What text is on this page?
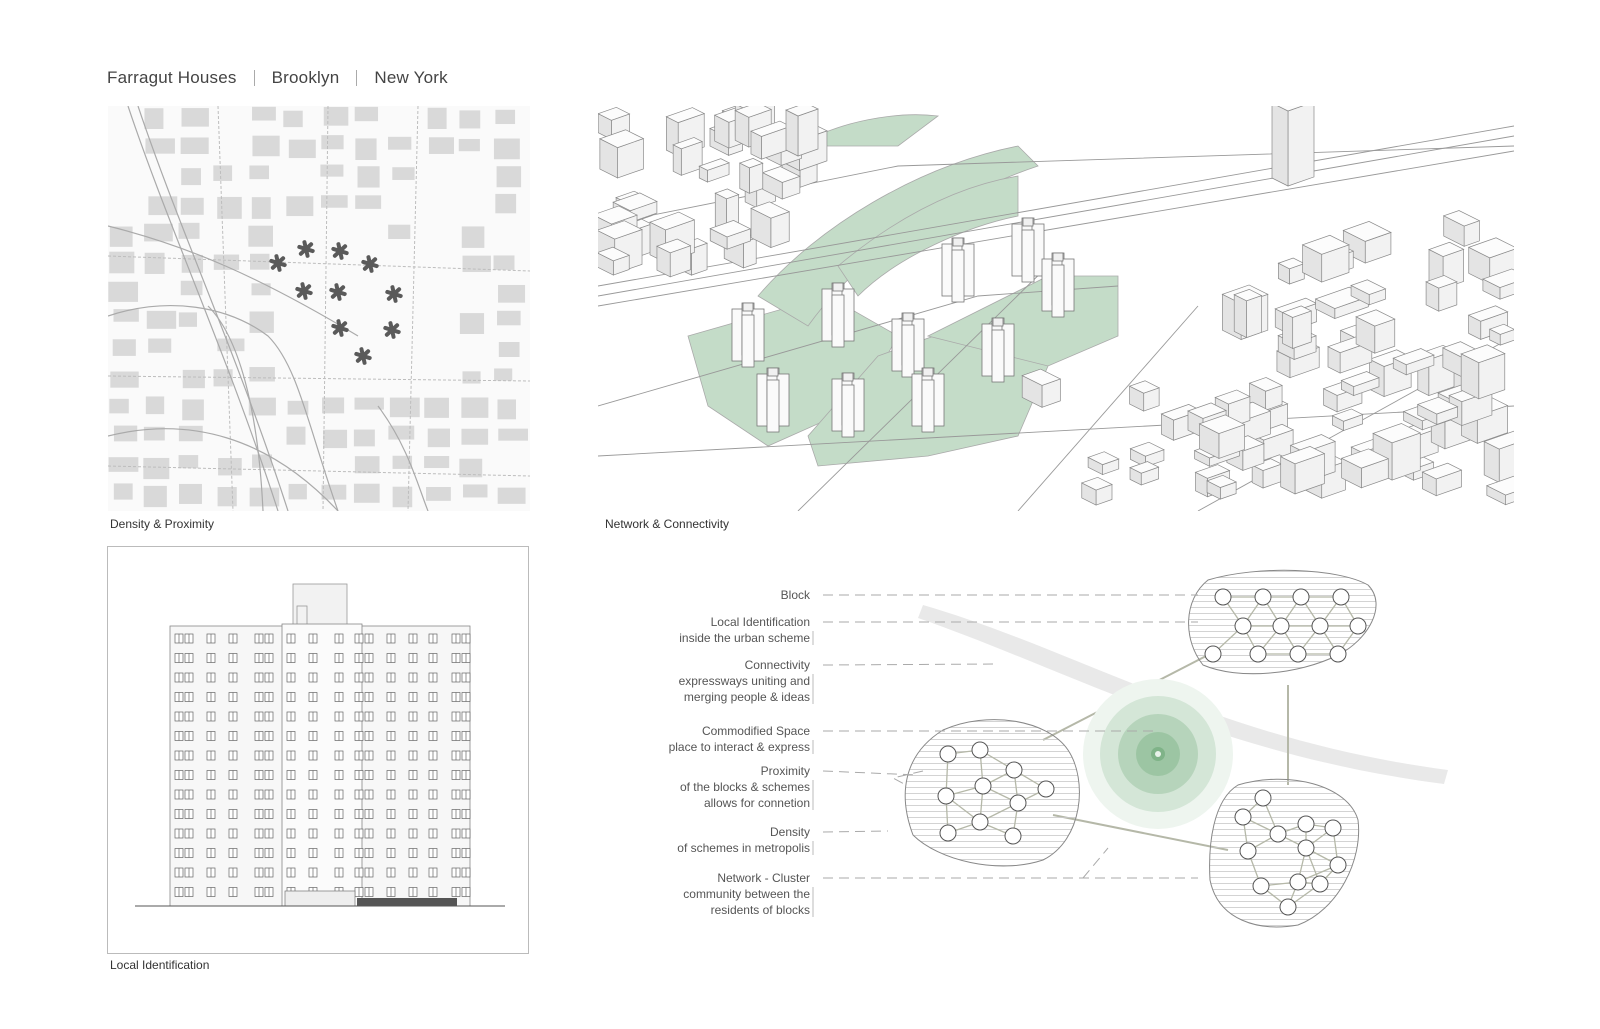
Farragut Houses Brooklyn New York
Density & Proximity	Network & Connectivity
Local Identification
Block
Local Identification
inside the urban scheme
Connectivity
expressways uniting and
merging people & ideas
Commodified Space
place to interact & express
Proximity
of the blocks & schemes
allows for connetion
Density
of schemes in metropolis
Network - Cluster
community between the
residents of blocks
